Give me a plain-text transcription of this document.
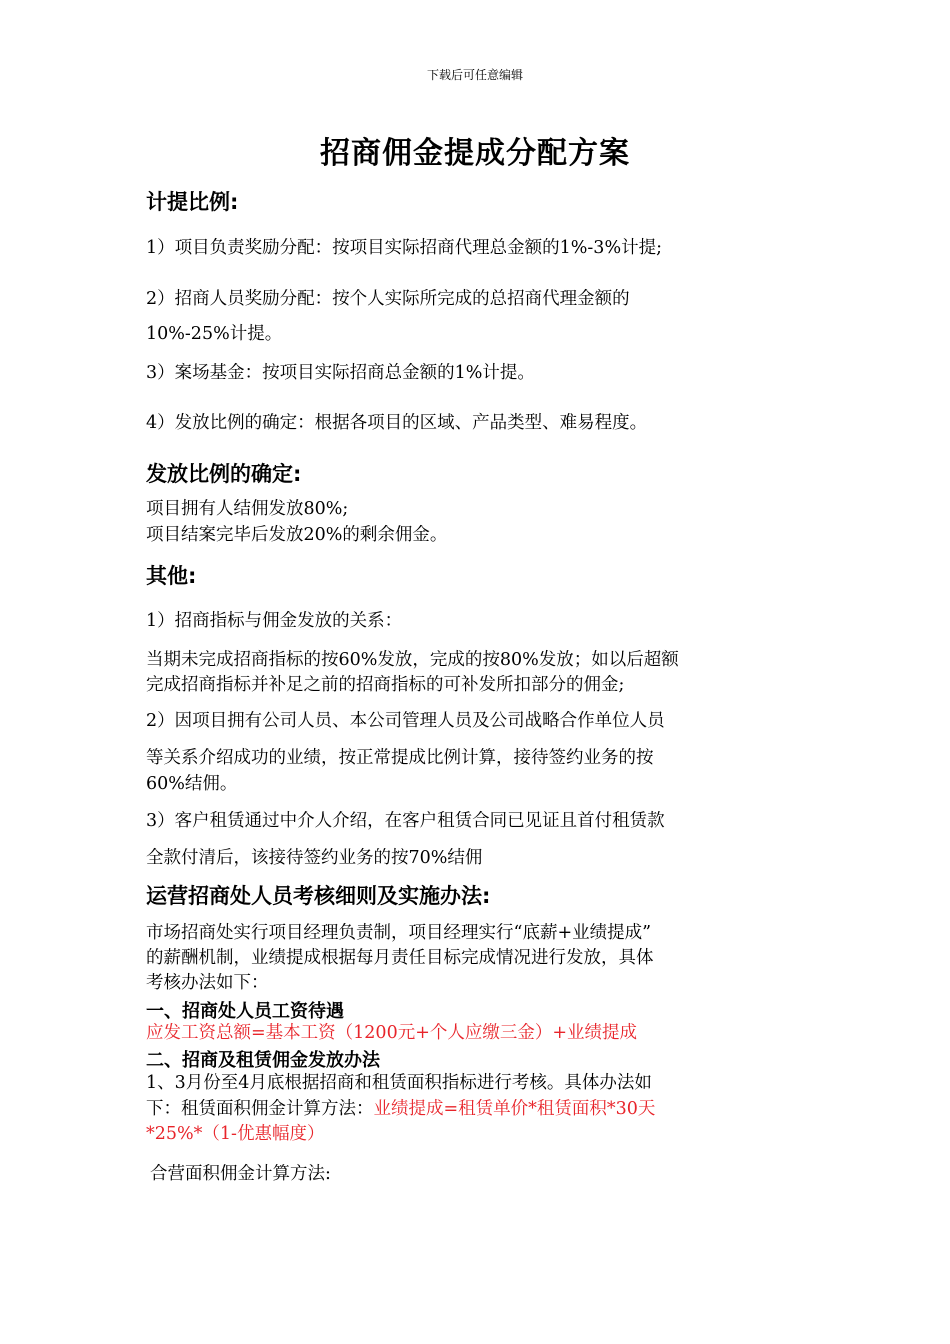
下载后可任意编辑
招商佣金提成分配方案
计提比例:
1）项目负责奖励分配：按项目实际招商代理总金额的1%-3%计提;
2）招商人员奖励分配：按个人实际所完成的总招商代理金额的
10%-25%计提。
3）案场基金：按项目实际招商总金额的1%计提。
4）发放比例的确定：根据各项目的区域、产品类型、难易程度。
发放比例的确定:
项目拥有人结佣发放80%;
项目结案完毕后发放20%的剩余佣金。
其他:
1）招商指标与佣金发放的关系：
当期未完成招商指标的按60%发放，完成的按80%发放；如以后超额
完成招商指标并补足之前的招商指标的可补发所扣部分的佣金;
2）因项目拥有公司人员、本公司管理人员及公司战略合作单位人员
等关系介绍成功的业绩，按正常提成比例计算，接待签约业务的按
60%结佣。
3）客户租赁通过中介人介绍，在客户租赁合同已见证且首付租赁款
全款付清后，该接待签约业务的按70%结佣
运营招商处人员考核细则及实施办法:
市场招商处实行项目经理负责制，项目经理实行“底薪+业绩提成”
的薪酬机制，业绩提成根据每月责任目标完成情况进行发放，具体
考核办法如下：
一、招商处人员工资待遇
应发工资总额=基本工资（1200元+个人应缴三金）+业绩提成
二、招商及租赁佣金发放办法
1、3月份至4月底根据招商和租赁面积指标进行考核。具体办法如
下：租赁面积佣金计算方法：业绩提成=租赁单价*租赁面积*30天
*25%*（1-优惠幅度）
合营面积佣金计算方法:
